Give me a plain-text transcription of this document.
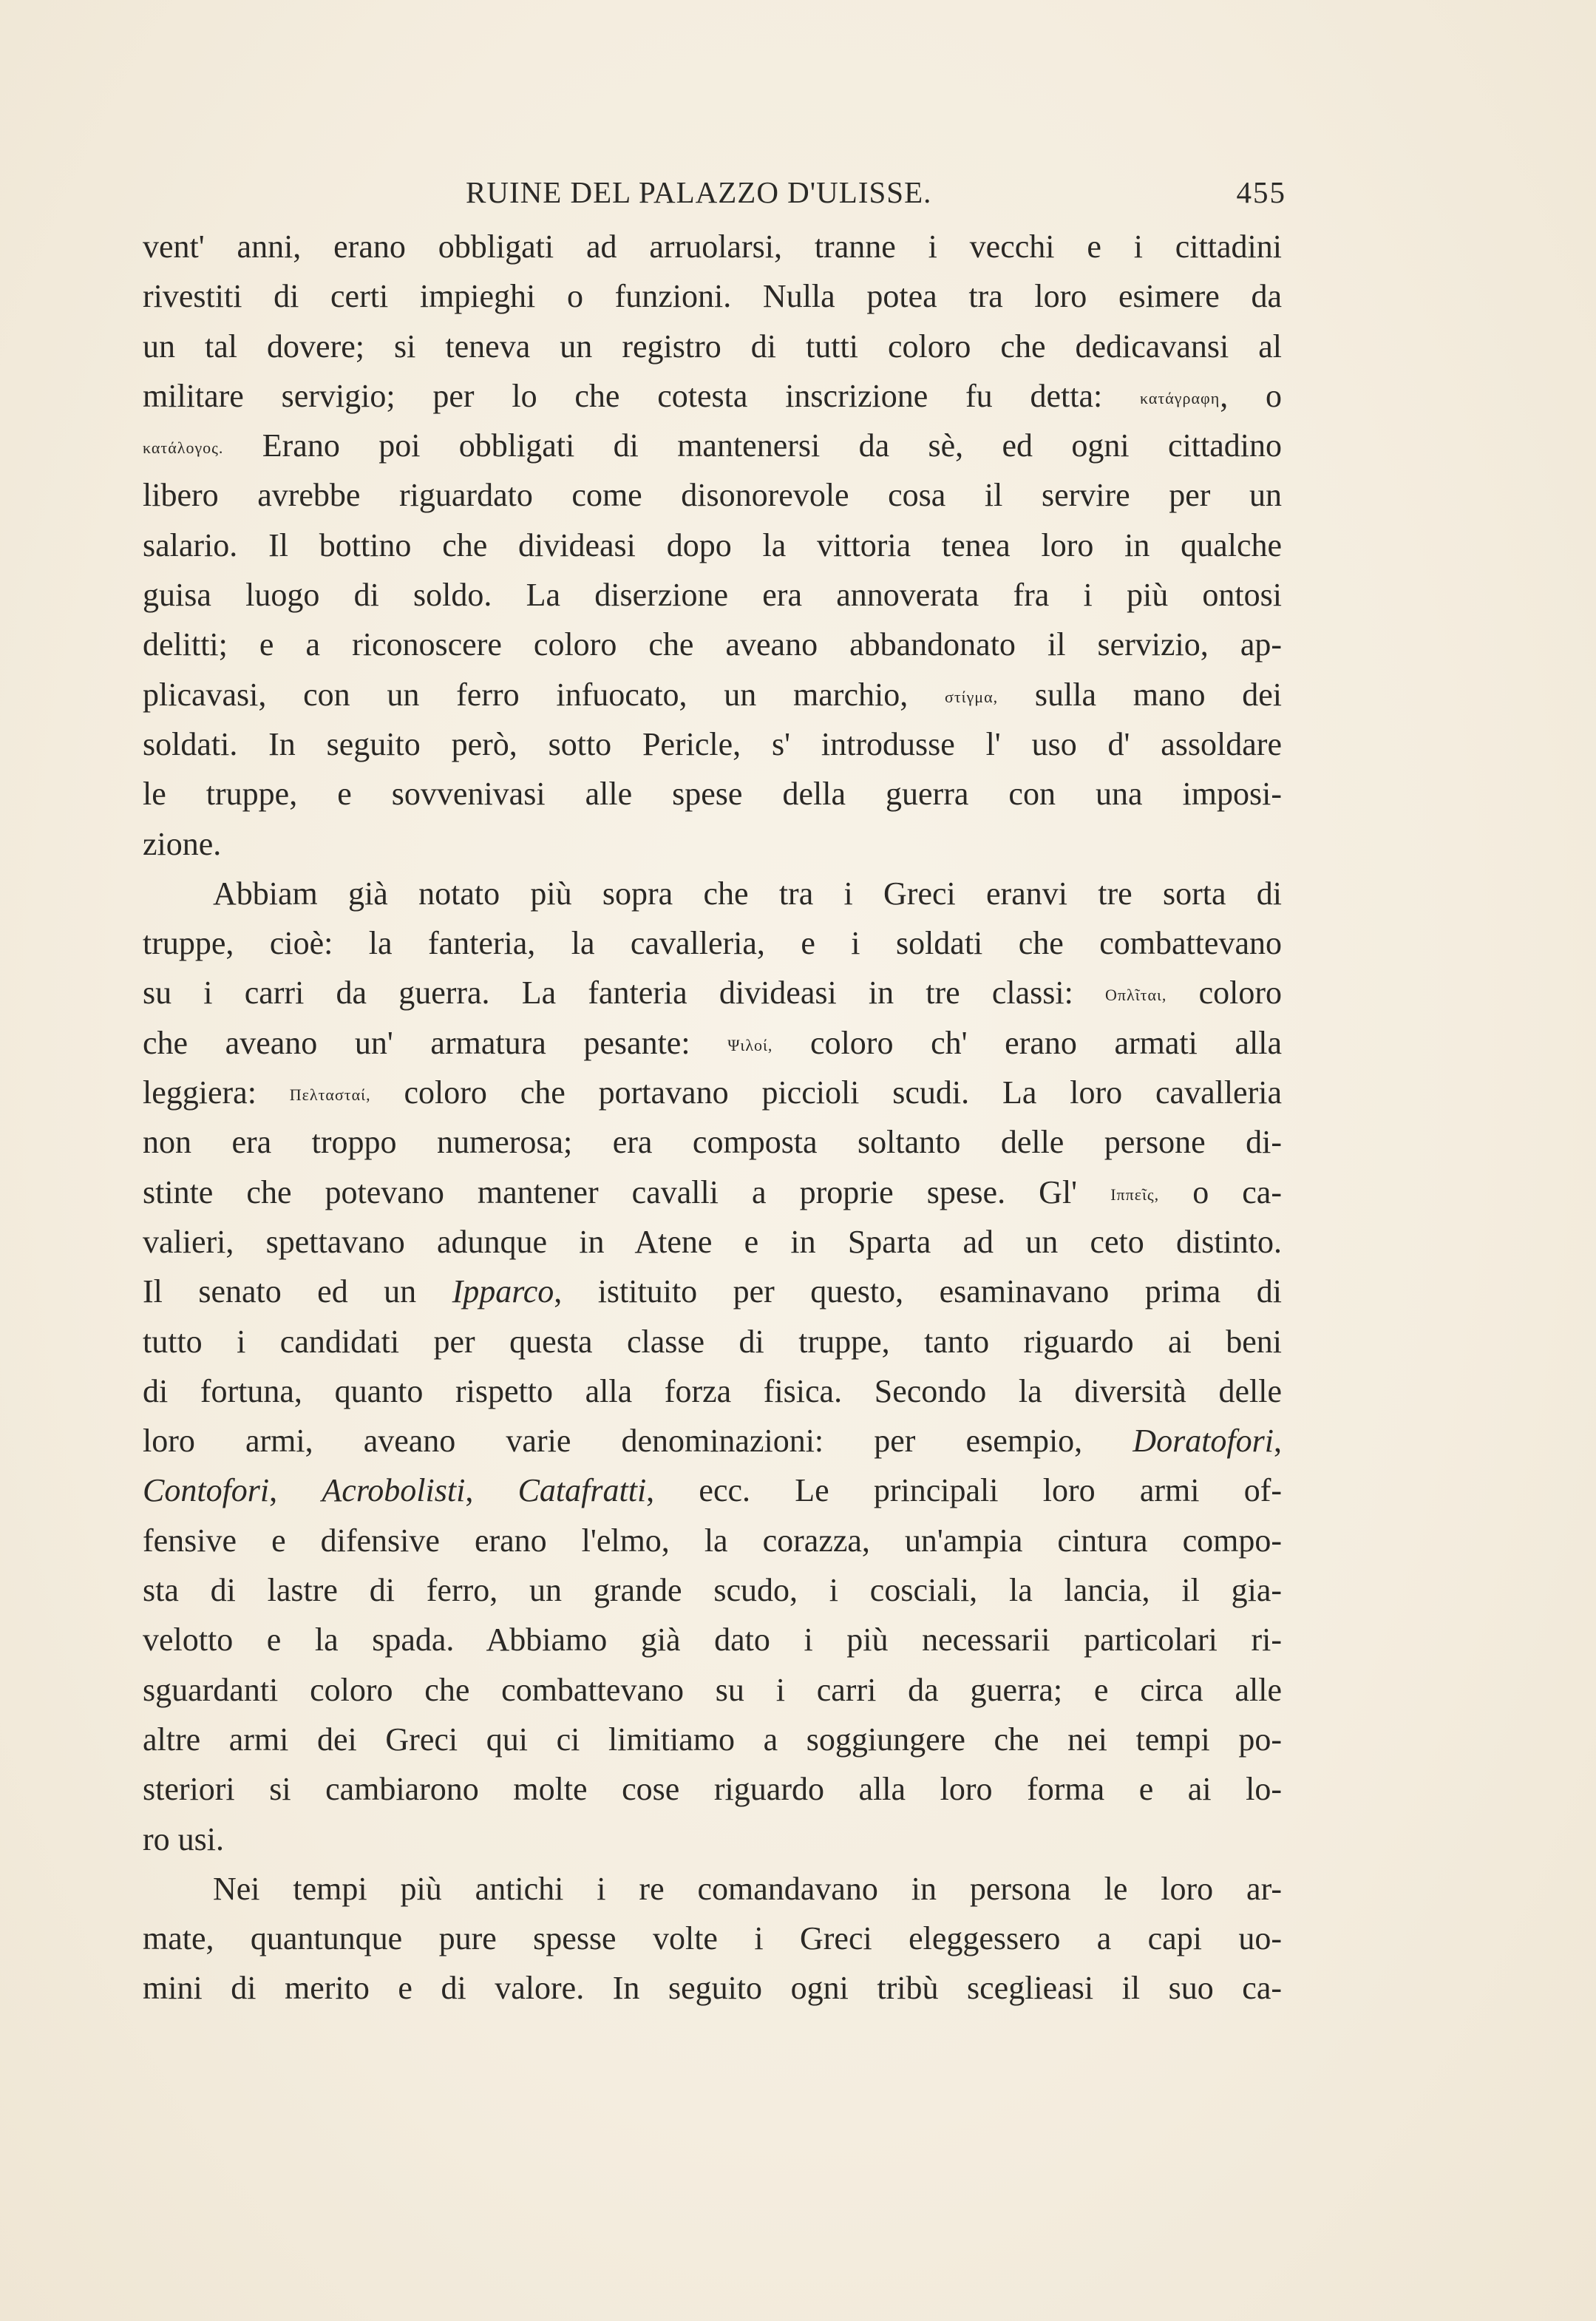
RUINE DEL PALAZZO D'ULISSE.	455
vent' anni, erano obbligati ad arruolarsi, tranne i vecchi e i cittadini
rivestiti di certi impieghi o funzioni. Nulla potea tra loro esimere da
un tal dovere; si teneva un registro di tutti coloro che dedicavansi al
militare servigio; per lo che cotesta inscrizione fu detta: κατάγραφη, o
κατάλογος. Erano poi obbligati di mantenersi da sè, ed ogni cittadino
libero avrebbe riguardato come disonorevole cosa il servire per un
salario. Il bottino che divideasi dopo la vittoria tenea loro in qualche
guisa luogo di soldo. La diserzione era annoverata fra i più ontosi
delitti; e a riconoscere coloro che aveano abbandonato il servizio, ap-
plicavasi, con un ferro infuocato, un marchio, στίγμα, sulla mano dei
soldati. In seguito però, sotto Pericle, s' introdusse l' uso d' assoldare
le truppe, e sovvenivasi alle spese della guerra con una imposi-
zione.
Abbiam già notato più sopra che tra i Greci eranvi tre sorta di
truppe, cioè: la fanteria, la cavalleria, e i soldati che combattevano
su i carri da guerra. La fanteria divideasi in tre classi: Οπλῖται, coloro
che aveano un' armatura pesante: Ψιλοί, coloro ch' erano armati alla
leggiera: Πελτασταί, coloro che portavano piccioli scudi. La loro cavalleria
non era troppo numerosa; era composta soltanto delle persone di-
stinte che potevano mantener cavalli a proprie spese. Gl' Ιππεῖς, o ca-
valieri, spettavano adunque in Atene e in Sparta ad un ceto distinto.
Il senato ed un Ipparco, istituito per questo, esaminavano prima di
tutto i candidati per questa classe di truppe, tanto riguardo ai beni
di fortuna, quanto rispetto alla forza fisica. Secondo la diversità delle
loro armi, aveano varie denominazioni: per esempio, Doratofori,
Contofori, Acrobolisti, Catafratti, ecc. Le principali loro armi of-
fensive e difensive erano l'elmo, la corazza, un'ampia cintura compo-
sta di lastre di ferro, un grande scudo, i cosciali, la lancia, il gia-
velotto e la spada. Abbiamo già dato i più necessarii particolari ri-
sguardanti coloro che combattevano su i carri da guerra; e circa alle
altre armi dei Greci qui ci limitiamo a soggiungere che nei tempi po-
steriori si cambiarono molte cose riguardo alla loro forma e ai lo-
ro usi.
Nei tempi più antichi i re comandavano in persona le loro ar-
mate, quantunque pure spesse volte i Greci eleggessero a capi uo-
mini di merito e di valore. In seguito ogni tribù sceglieasi il suo ca-
